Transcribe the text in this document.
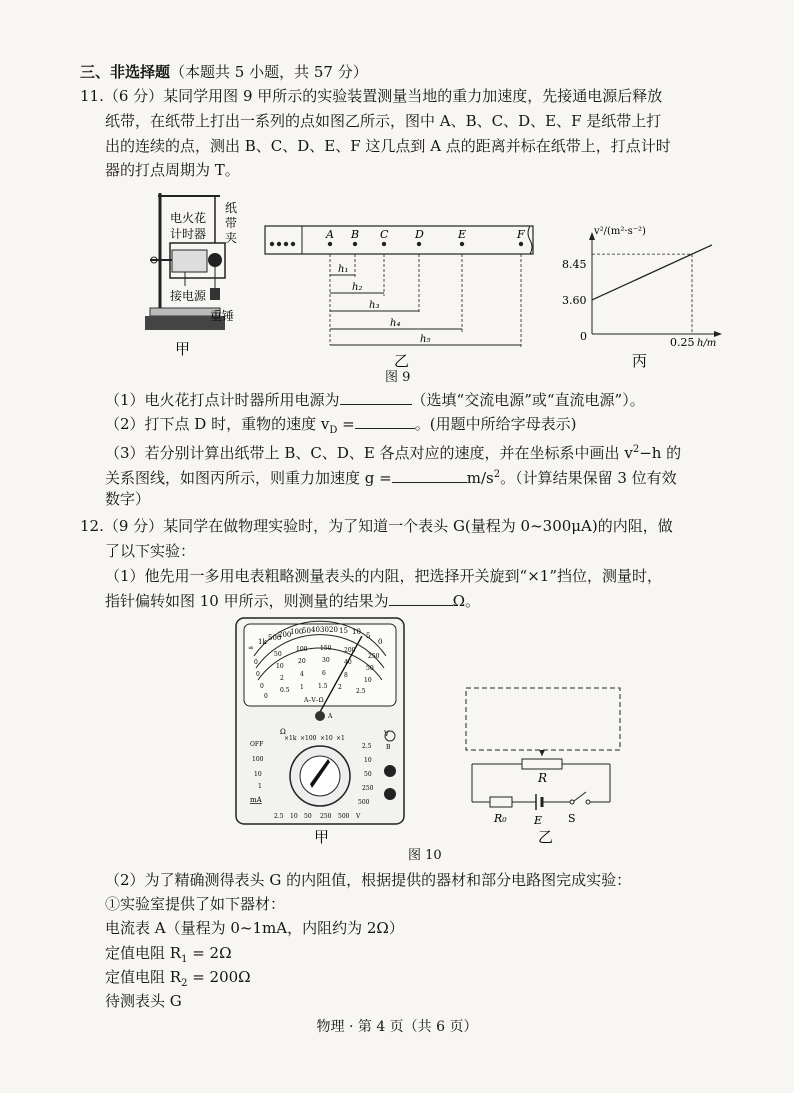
三、非选择题（本题共 5 小题，共 57 分）
11.（6 分）某同学用图 9 甲所示的实验装置测量当地的重力加速度，先接通电源后释放
纸带，在纸带上打出一系列的点如图乙所示，图中 A、B、C、D、E、F 是纸带上打
出的连续的点，测出 B、C、D、E、F 这几点到 A 点的距离并标在纸带上，打点计时
器的打点周期为 T。
电火花
计时器
纸
带
夹
接电源
重锤
甲
A B C D	E	F
h₁
h₂
h₃
h₄
h₅
乙
v²/(m²·s⁻²)
h/m
0
8.45
3.60
0.25
丙
图 9
（1）电火花打点计时器所用电源为	（选填“交流电源”或“直流电源”）。
（2）打下点 D 时，重物的速度 $v_D$ =	。(用题中所给字母表示)
（3）若分别计算出纸带上 B、C、D、E 各点对应的速度，并在坐标系中画出 $v^2-h$ 的
关系图线，如图丙所示，则重力加速度 g =	$m/s^2$。（计算结果保留 3 位有效
数字）
12.（9 分）某同学在做物理实验时，为了知道一个表头 G(量程为 0~300μA)的内阻，做
了以下实验：
（1）他先用一多用电表粗略测量表头的内阻，把选择开关旋到“×1”挡位，测量时，
指针偏转如图 10 甲所示，则测量的结果为	Ω。
∞
1k 500
200
100
50 40 30 20 15 10 5
0
0
50
100 150 200
250
0
10
20	30 40
50
0
2
4	6	8
10
0
0.5 1 1.5 2
2.5
A–V–Ω
A
Ω	V
×1k ×100 ×10 ×1
OFF
100
10
1
mA
2.5
10
50
250
500
B
2.5 10 50 250 500 V
甲
R
R₀ E S
乙
图 10
（2）为了精确测得表头 G 的内阻值，根据提供的器材和部分电路图完成实验：
①实验室提供了如下器材：
电流表 A（量程为 0~1mA，内阻约为 2Ω）
定值电阻 $R_1 = 2\Omega$
定值电阻 $R_2 = 200\Omega$
待测表头 G
物理 · 第 4 页（共 6 页）
